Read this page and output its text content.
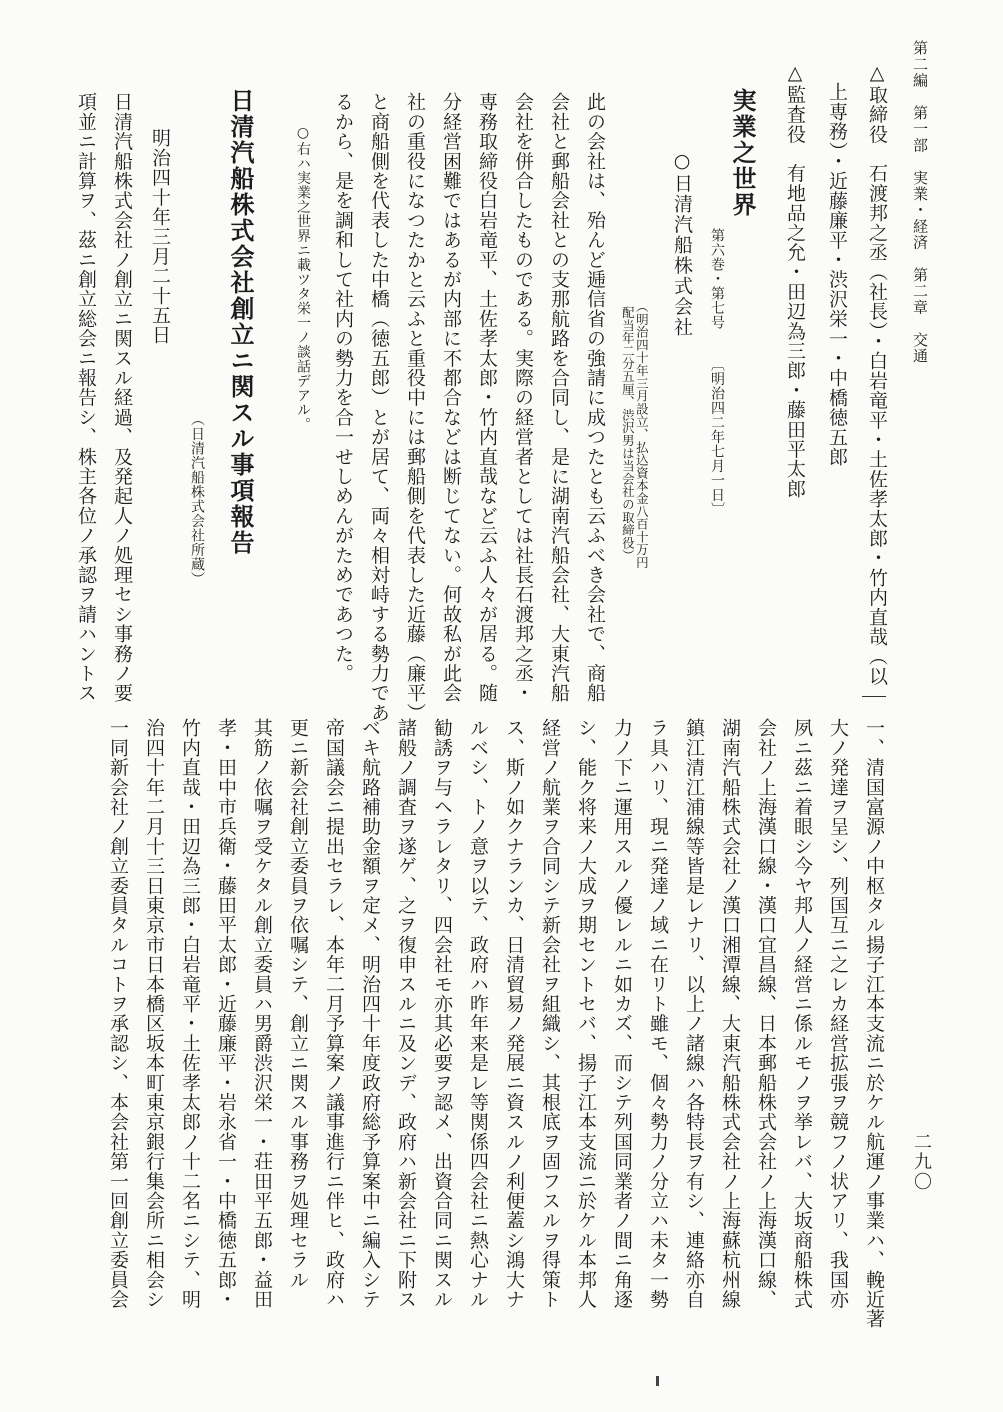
第二編　第一部　実業・経済　第二章　交通
△取締役　石渡邦之丞（社長）・白岩竜平・土佐孝太郎・竹内直哉（以
上専務）・近藤廉平・渋沢栄一・中橋徳五郎
△監査役　有地品之允・田辺為三郎・藤田平太郎
実業之世界
第六巻・第七号
〔明治四二年七月一日〕
○日清汽船株式会社
（明治四十年三月設立、払込資本金八百十万円
配当年二分五厘、渋沢男は当会社の取締役）
此の会社は、殆んど逓信省の強請に成つたとも云ふべき会社で、商船
会社と郵船会社との支那航路を合同し、是に湖南汽船会社、大東汽船
会社を併合したものである。実際の経営者としては社長石渡邦之丞・
専務取締役白岩竜平、土佐孝太郎・竹内直哉など云ふ人々が居る。随
分経営困難ではあるが内部に不都合などは断じてない。何故私が此会
社の重役になつたかと云ふと重役中には郵船側を代表した近藤（廉平）
と商船側を代表した中橋（徳五郎）とが居て、両々相対峙する勢力であ
るから、是を調和して社内の勢力を合一せしめんがためであつた。
○右ハ実業之世界ニ載ツタ栄一ノ談話デアル。
日清汽船株式会社創立ニ関スル事項報告
（日清汽船株式会社所蔵）
明治四十年三月二十五日
日清汽船株式会社ノ創立ニ関スル経過、及発起人ノ処理セシ事務ノ要
項並ニ計算ヲ、茲ニ創立総会ニ報告シ、株主各位ノ承認ヲ請ハントス
二九〇
一、清国富源ノ中枢タル揚子江本支流ニ於ケル航運ノ事業ハ、輓近著
大ノ発達ヲ呈シ、列国互ニ之レカ経営拡張ヲ競フノ状アリ、我国亦
夙ニ茲ニ着眼シ今ヤ邦人ノ経営ニ係ルモノヲ挙レバ、大坂商船株式
会社ノ上海漢口線・漢口宜昌線、日本郵船株式会社ノ上海漢口線、
湖南汽船株式会社ノ漢口湘潭線、大東汽船株式会社ノ上海蘇杭州線
鎮江清江浦線等皆是レナリ、以上ノ諸線ハ各特長ヲ有シ、連絡亦自
ラ具ハリ、現ニ発達ノ域ニ在リト雖モ、個々勢力ノ分立ハ未タ一勢
力ノ下ニ運用スルノ優レルニ如カズ、而シテ列国同業者ノ間ニ角逐
シ、能ク将来ノ大成ヲ期セントセバ、揚子江本支流ニ於ケル本邦人
経営ノ航業ヲ合同シテ新会社ヲ組織シ、其根底ヲ固フスルヲ得策ト
ス、斯ノ如クナランカ、日清貿易ノ発展ニ資スルノ利便蓋シ鴻大ナ
ルベシ、トノ意ヲ以テ、政府ハ昨年来是レ等関係四会社ニ熱心ナル
勧誘ヲ与ヘラレタリ、四会社モ亦其必要ヲ認メ、出資合同ニ関スル
諸般ノ調査ヲ遂ゲ、之ヲ復申スルニ及ンデ、政府ハ新会社ニ下附ス
ベキ航路補助金額ヲ定メ、明治四十年度政府総予算案中ニ編入シテ
帝国議会ニ提出セラレ、本年二月予算案ノ議事進行ニ伴ヒ、政府ハ
更ニ新会社創立委員ヲ依嘱シテ、創立ニ関スル事務ヲ処理セラル
其筋ノ依嘱ヲ受ケタル創立委員ハ男爵渋沢栄一・荘田平五郎・益田
孝・田中市兵衛・藤田平太郎・近藤廉平・岩永省一・中橋徳五郎・
竹内直哉・田辺為三郎・白岩竜平・土佐孝太郎ノ十二名ニシテ、明
治四十年二月十三日東京市日本橋区坂本町東京銀行集会所ニ相会シ
一同新会社ノ創立委員タルコトヲ承認シ、本会社第一回創立委員会
